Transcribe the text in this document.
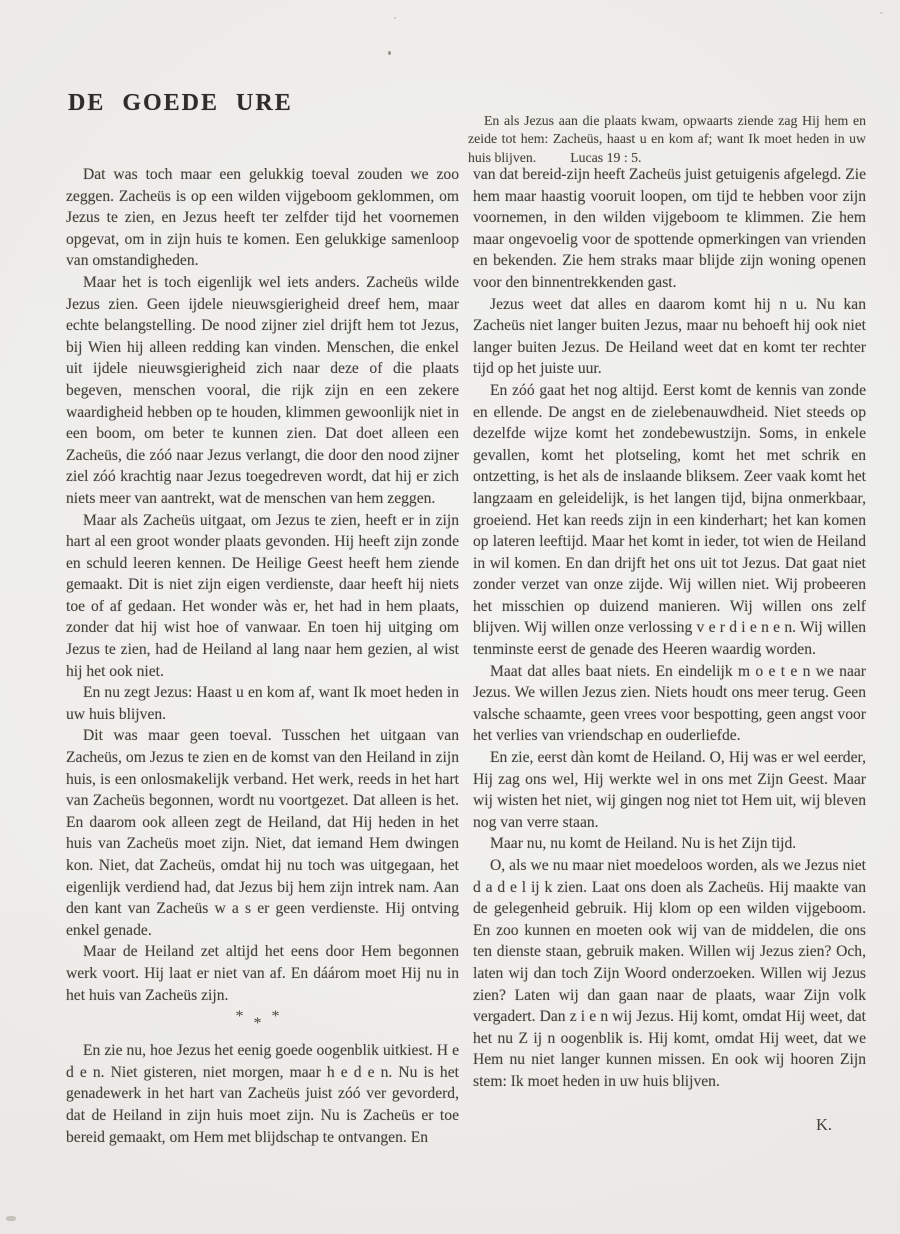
DE GOEDE URE

En als Jezus aan die plaats kwam, opwaarts ziende zag Hij hem en zeide tot hem: Zacheüs, haast u en kom af; want Ik moet heden in uw huis blijven. Lucas 19 : 5.

Dat was toch maar een gelukkig toeval zouden we zoo zeggen. Zacheüs is op een wilden vijgeboom geklommen, om Jezus te zien, en Jezus heeft ter zelfder tijd het voornemen opgevat, om in zijn huis te komen. Een gelukkige samenloop van omstandigheden.

Maar het is toch eigenlijk wel iets anders. Zacheüs wilde Jezus zien. Geen ijdele nieuwsgierigheid dreef hem, maar echte belangstelling. De nood zijner ziel drijft hem tot Jezus, bij Wien hij alleen redding kan vinden. Menschen, die enkel uit ijdele nieuwsgierigheid zich naar deze of die plaats begeven, menschen vooral, die rijk zijn en een zekere waardigheid hebben op te houden, klimmen gewoonlijk niet in een boom, om beter te kunnen zien. Dat doet alleen een Zacheüs, die zóó naar Jezus verlangt, die door den nood zijner ziel zóó krachtig naar Jezus toegedreven wordt, dat hij er zich niets meer van aantrekt, wat de menschen van hem zeggen.

Maar als Zacheüs uitgaat, om Jezus te zien, heeft er in zijn hart al een groot wonder plaats gevonden. Hij heeft zijn zonde en schuld leeren kennen. De Heilige Geest heeft hem ziende gemaakt. Dit is niet zijn eigen verdienste, daar heeft hij niets toe of af gedaan. Het wonder wàs er, het had in hem plaats, zonder dat hij wist hoe of vanwaar. En toen hij uitging om Jezus te zien, had de Heiland al lang naar hem gezien, al wist hij het ook niet.

En nu zegt Jezus: Haast u en kom af, want Ik moet heden in uw huis blijven.

Dit was maar geen toeval. Tusschen het uitgaan van Zacheüs, om Jezus te zien en de komst van den Heiland in zijn huis, is een onlosmakelijk verband. Het werk, reeds in het hart van Zacheüs begonnen, wordt nu voortgezet. Dat alleen is het. En daarom ook alleen zegt de Heiland, dat Hij heden in het huis van Zacheüs moet zijn. Niet, dat iemand Hem dwingen kon. Niet, dat Zacheüs, omdat hij nu toch was uitgegaan, het eigenlijk verdiend had, dat Jezus bij hem zijn intrek nam. Aan den kant van Zacheüs w a s er geen verdienste. Hij ontving enkel genade.

Maar de Heiland zet altijd het eens door Hem begonnen werk voort. Hij laat er niet van af. En dáárom moet Hij nu in het huis van Zacheüs zijn.

***

En zie nu, hoe Jezus het eenig goede oogenblik uitkiest. H e d e n. Niet gisteren, niet morgen, maar h e d e n. Nu is het genadewerk in het hart van Zacheüs juist zóó ver gevorderd, dat de Heiland in zijn huis moet zijn. Nu is Zacheüs er toe bereid gemaakt, om Hem met blijdschap te ontvangen. En

van dat bereid-zijn heeft Zacheüs juist getuigenis afgelegd. Zie hem maar haastig vooruit loopen, om tijd te hebben voor zijn voornemen, in den wilden vijgeboom te klimmen. Zie hem maar ongevoelig voor de spottende opmerkingen van vrienden en bekenden. Zie hem straks maar blijde zijn woning openen voor den binnentrekkenden gast.

Jezus weet dat alles en daarom komt hij n u. Nu kan Zacheüs niet langer buiten Jezus, maar nu behoeft hij ook niet langer buiten Jezus. De Heiland weet dat en komt ter rechter tijd op het juiste uur.

En zóó gaat het nog altijd. Eerst komt de kennis van zonde en ellende. De angst en de zielebenauwdheid. Niet steeds op dezelfde wijze komt het zondebewustzijn. Soms, in enkele gevallen, komt het plotseling, komt het met schrik en ontzetting, is het als de inslaande bliksem. Zeer vaak komt het langzaam en geleidelijk, is het langen tijd, bijna onmerkbaar, groeiend. Het kan reeds zijn in een kinderhart; het kan komen op lateren leeftijd. Maar het komt in ieder, tot wien de Heiland in wil komen. En dan drijft het ons uit tot Jezus. Dat gaat niet zonder verzet van onze zijde. Wij willen niet. Wij probeeren het misschien op duizend manieren. Wij willen ons zelf blijven. Wij willen onze verlossing v e r d i e n e n. Wij willen tenminste eerst de genade des Heeren waardig worden.

Maat dat alles baat niets. En eindelijk m o e t e n we naar Jezus. We willen Jezus zien. Niets houdt ons meer terug. Geen valsche schaamte, geen vrees voor bespotting, geen angst voor het verlies van vriendschap en ouderliefde.

En zie, eerst dàn komt de Heiland. O, Hij was er wel eerder, Hij zag ons wel, Hij werkte wel in ons met Zijn Geest. Maar wij wisten het niet, wij gingen nog niet tot Hem uit, wij bleven nog van verre staan.

Maar nu, nu komt de Heiland. Nu is het Zijn tijd.

O, als we nu maar niet moedeloos worden, als we Jezus niet d a d e l ij k zien. Laat ons doen als Zacheüs. Hij maakte van de gelegenheid gebruik. Hij klom op een wilden vijgeboom. En zoo kunnen en moeten ook wij van de middelen, die ons ten dienste staan, gebruik maken. Willen wij Jezus zien? Och, laten wij dan toch Zijn Woord onderzoeken. Willen wij Jezus zien? Laten wij dan gaan naar de plaats, waar Zijn volk vergadert. Dan z i e n wij Jezus. Hij komt, omdat Hij weet, dat het nu Z ij n oogenblik is. Hij komt, omdat Hij weet, dat we Hem nu niet langer kunnen missen. En ook wij hooren Zijn stem: Ik moet heden in uw huis blijven.

K.
